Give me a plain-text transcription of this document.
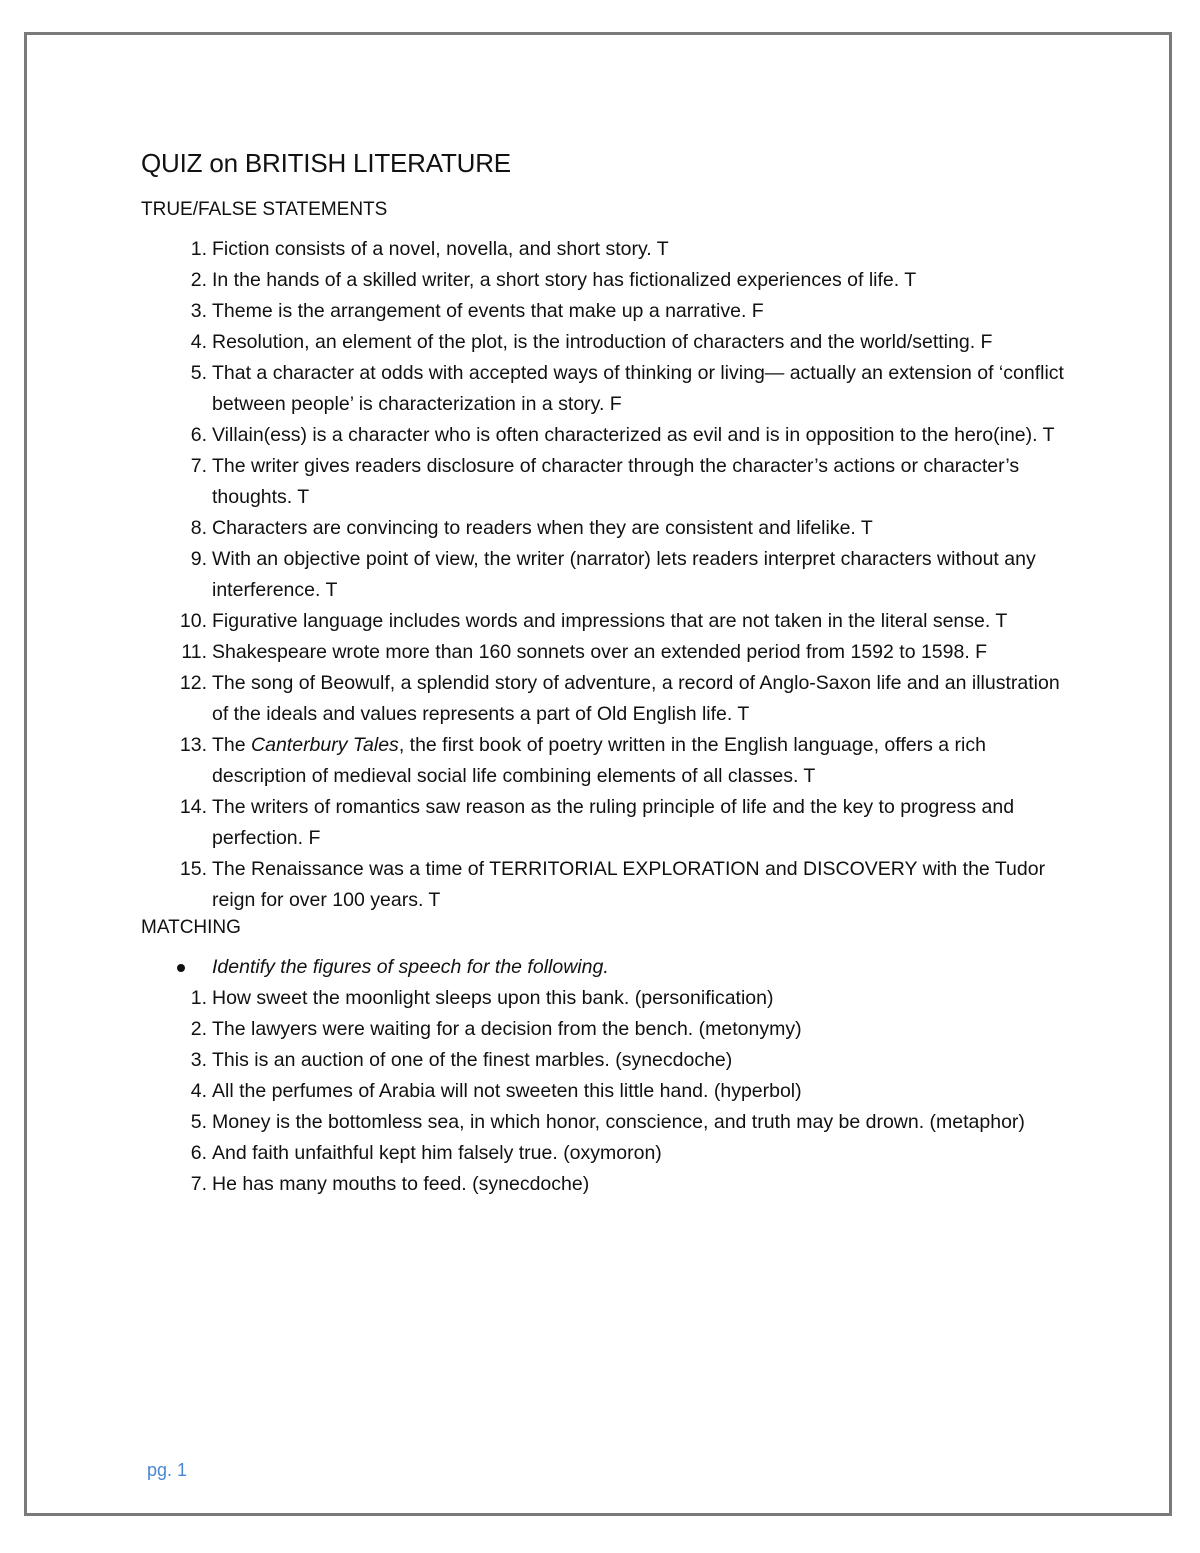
QUIZ on BRITISH LITERATURE
TRUE/FALSE STATEMENTS
1. Fiction consists of a novel, novella, and short story. T
2. In the hands of a skilled writer, a short story has fictionalized experiences of life. T
3. Theme is the arrangement of events that make up a narrative. F
4. Resolution, an element of the plot, is the introduction of characters and the world/setting. F
5. That a character at odds with accepted ways of thinking or living— actually an extension of ‘conflict between people’ is characterization in a story. F
6. Villain(ess) is a character who is often characterized as evil and is in opposition to the hero(ine). T
7. The writer gives readers disclosure of character through the character’s actions or character’s thoughts. T
8. Characters are convincing to readers when they are consistent and lifelike. T
9. With an objective point of view, the writer (narrator) lets readers interpret characters without any interference. T
10. Figurative language includes words and impressions that are not taken in the literal sense. T
11. Shakespeare wrote more than 160 sonnets over an extended period from 1592 to 1598. F
12. The song of Beowulf, a splendid story of adventure, a record of Anglo-Saxon life and an illustration of the ideals and values represents a part of Old English life. T
13. The Canterbury Tales, the first book of poetry written in the English language, offers a rich description of medieval social life combining elements of all classes. T
14. The writers of romantics saw reason as the ruling principle of life and the key to progress and perfection. F
15. The Renaissance was a time of TERRITORIAL EXPLORATION and DISCOVERY with the Tudor reign for over 100 years. T
MATCHING
Identify the figures of speech for the following.
1. How sweet the moonlight sleeps upon this bank. (personification)
2. The lawyers were waiting for a decision from the bench. (metonymy)
3. This is an auction of one of the finest marbles. (synecdoche)
4. All the perfumes of Arabia will not sweeten this little hand. (hyperbol)
5. Money is the bottomless sea, in which honor, conscience, and truth may be drown. (metaphor)
6. And faith unfaithful kept him falsely true. (oxymoron)
7. He has many mouths to feed. (synecdoche)
pg. 1
